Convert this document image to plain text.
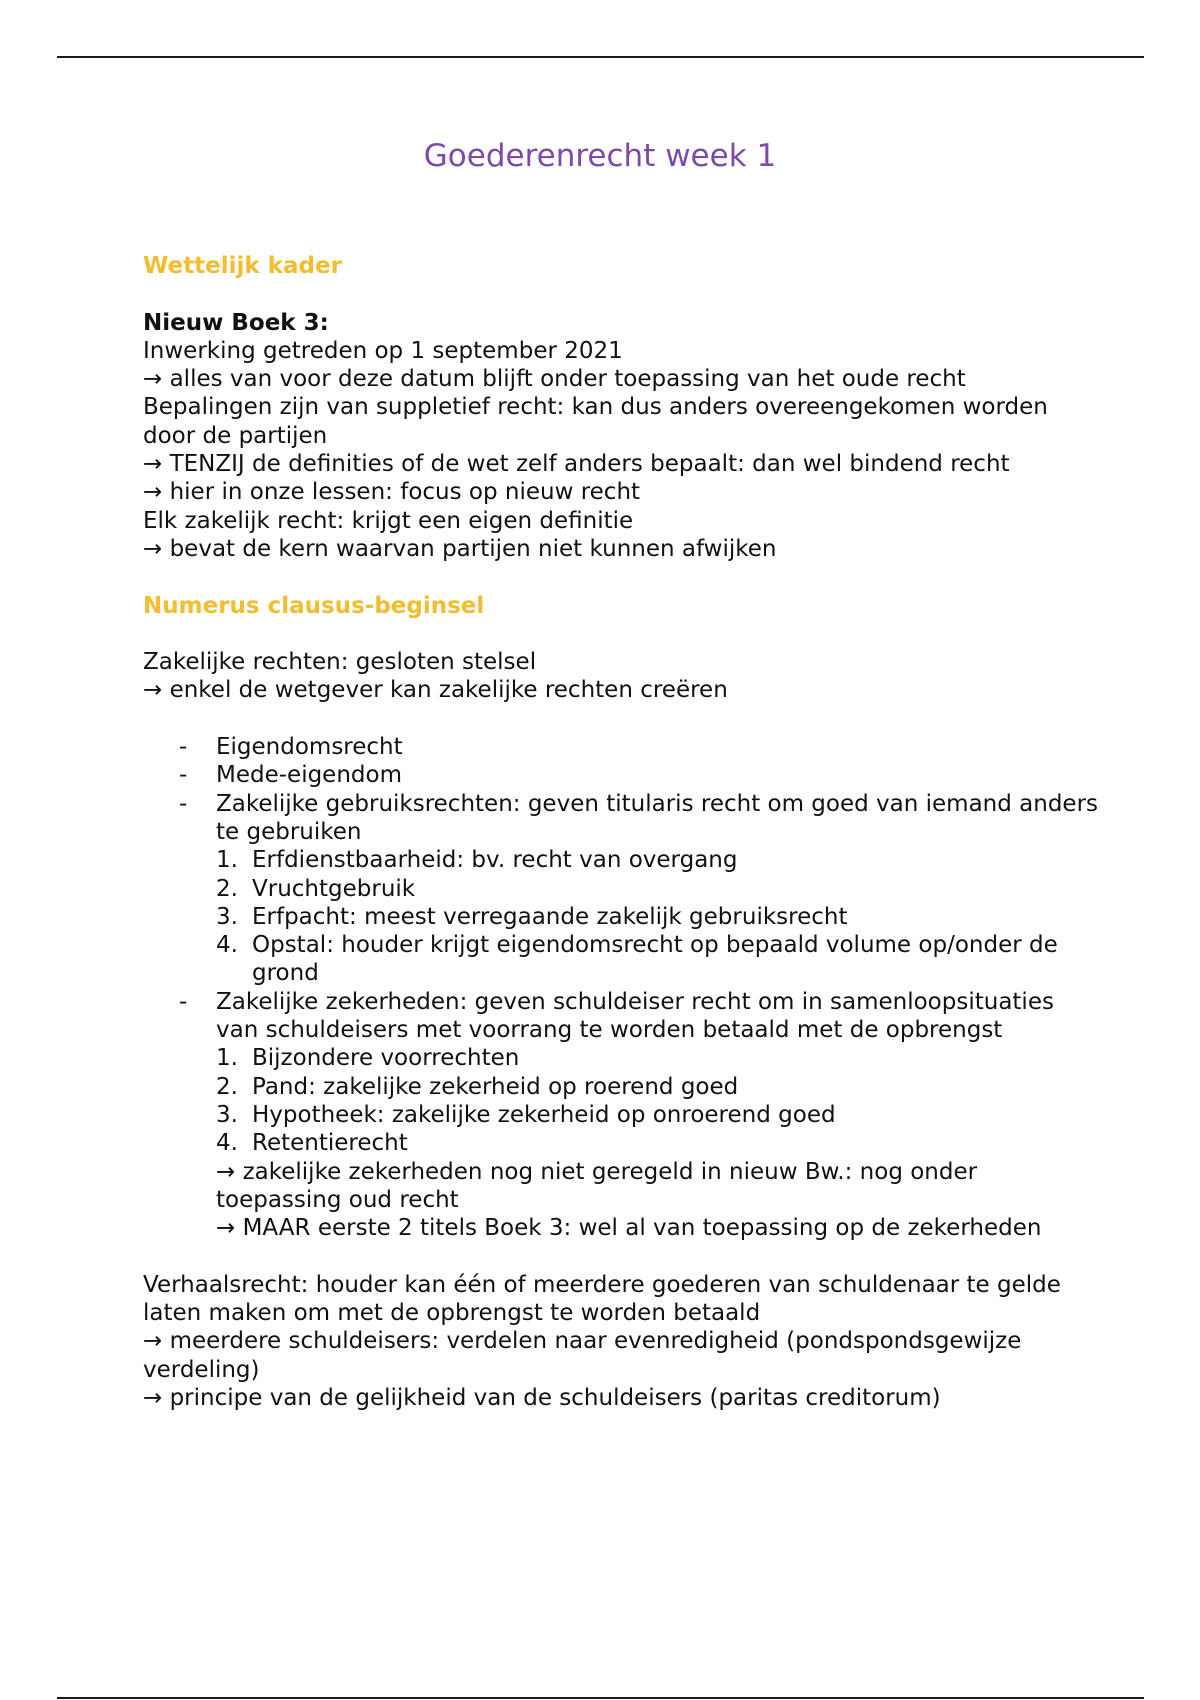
Goederenrecht week 1

Wettelijk kader

Nieuw Boek 3:

Inwerking getreden op 1 september 2021

→ alles van voor deze datum blijft onder toepassing van het oude recht

Bepalingen zijn van suppletief recht: kan dus anders overeengekomen worden door de partijen

→ TENZIJ de definities of de wet zelf anders bepaalt: dan wel bindend recht

→ hier in onze lessen: focus op nieuw recht

Elk zakelijk recht: krijgt een eigen definitie

→ bevat de kern waarvan partijen niet kunnen afwijken

Numerus clausus-beginsel

Zakelijke rechten: gesloten stelsel

→ enkel de wetgever kan zakelijke rechten creëren

- Eigendomsrecht
- Mede-eigendom
- Zakelijke gebruiksrechten: geven titularis recht om goed van iemand anders te gebruiken
1. Erfdienstbaarheid: bv. recht van overgang
2. Vruchtgebruik
3. Erfpacht: meest verregaande zakelijk gebruiksrecht
4. Opstal: houder krijgt eigendomsrecht op bepaald volume op/onder de grond
- Zakelijke zekerheden: geven schuldeiser recht om in samenloopsituaties van schuldeisers met voorrang te worden betaald met de opbrengst
1. Bijzondere voorrechten
2. Pand: zakelijke zekerheid op roerend goed
3. Hypotheek: zakelijke zekerheid op onroerend goed
4. Retentierecht

→ zakelijke zekerheden nog niet geregeld in nieuw Bw.: nog onder toepassing oud recht

→ MAAR eerste 2 titels Boek 3: wel al van toepassing op de zekerheden

Verhaalsrecht: houder kan één of meerdere goederen van schuldenaar te gelde laten maken om met de opbrengst te worden betaald

→ meerdere schuldeisers: verdelen naar evenredigheid (pondspondsgewijze verdeling)

→ principe van de gelijkheid van de schuldeisers (paritas creditorum)
